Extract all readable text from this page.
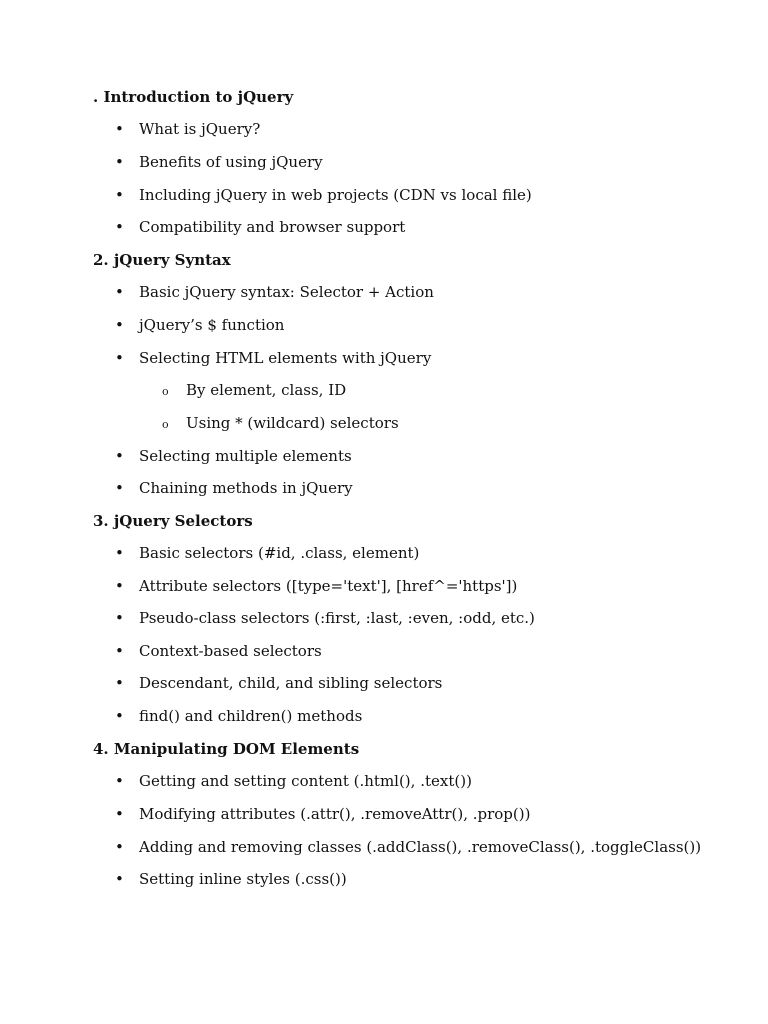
. Introduction to jQuery
• What is jQuery?
• Benefits of using jQuery
• Including jQuery in web projects (CDN vs local file)
• Compatibility and browser support
2. jQuery Syntax
• Basic jQuery syntax: Selector + Action
• jQuery’s $ function
• Selecting HTML elements with jQuery
o By element, class, ID
o Using * (wildcard) selectors
• Selecting multiple elements
• Chaining methods in jQuery
3. jQuery Selectors
• Basic selectors (#id, .class, element)
• Attribute selectors ([type='text'], [href^='https'])
• Pseudo-class selectors (:first, :last, :even, :odd, etc.)
• Context-based selectors
• Descendant, child, and sibling selectors
• find() and children() methods
4. Manipulating DOM Elements
• Getting and setting content (.html(), .text())
• Modifying attributes (.attr(), .removeAttr(), .prop())
• Adding and removing classes (.addClass(), .removeClass(), .toggleClass())
• Setting inline styles (.css())
